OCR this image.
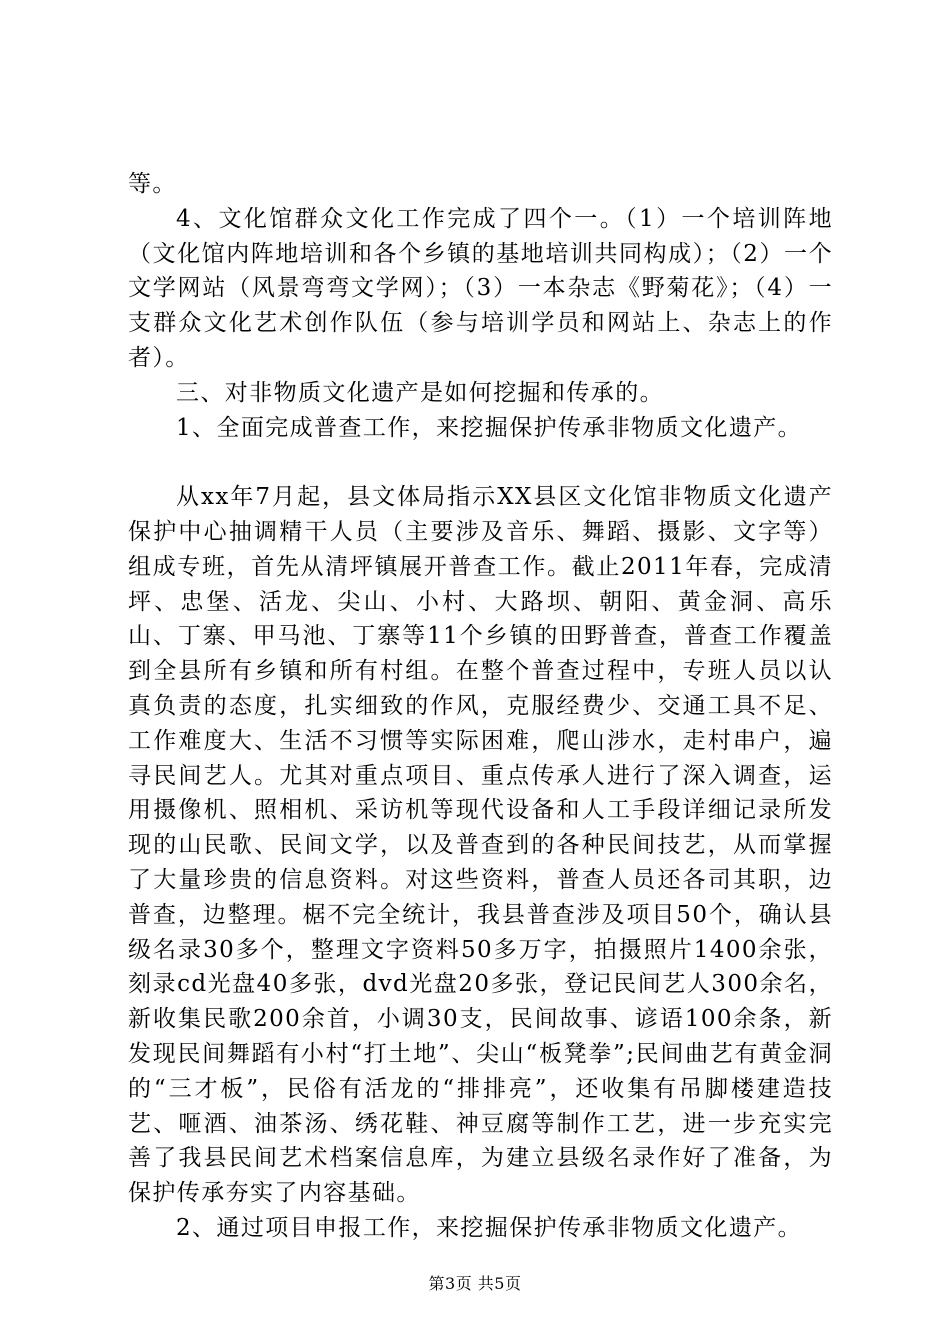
等。

4、文化馆群众文化工作完成了四个一。（1）一个培训阵地（文化馆内阵地培训和各个乡镇的基地培训共同构成）；（2）一个文学网站（风景弯弯文学网）；（3）一本杂志《野菊花》；（4）一支群众文化艺术创作队伍（参与培训学员和网站上、杂志上的作者）。

三、对非物质文化遗产是如何挖掘和传承的。

1、全面完成普查工作，来挖掘保护传承非物质文化遗产。

从xx年7月起，县文体局指示XX县区文化馆非物质文化遗产保护中心抽调精干人员（主要涉及音乐、舞蹈、摄影、文字等）组成专班，首先从清坪镇展开普查工作。截止2011年春，完成清坪、忠堡、活龙、尖山、小村、大路坝、朝阳、黄金洞、高乐山、丁寨、甲马池、丁寨等11个乡镇的田野普查，普查工作覆盖到全县所有乡镇和所有村组。在整个普查过程中，专班人员以认真负责的态度，扎实细致的作风，克服经费少、交通工具不足、工作难度大、生活不习惯等实际困难，爬山涉水，走村串户，遍寻民间艺人。尤其对重点项目、重点传承人进行了深入调查，运用摄像机、照相机、采访机等现代设备和人工手段详细记录所发现的山民歌、民间文学，以及普查到的各种民间技艺，从而掌握了大量珍贵的信息资料。对这些资料，普查人员还各司其职，边普查，边整理。椐不完全统计，我县普查涉及项目50个，确认县级名录30多个，整理文字资料50多万字，拍摄照片1400余张，刻录cd光盘40多张，dvd光盘20多张，登记民间艺人300余名，新收集民歌200余首，小调30支，民间故事、谚语100余条，新发现民间舞蹈有小村“打土地”、尖山“板凳拳”;民间曲艺有黄金洞的“三才板”，民俗有活龙的“排排亮”，还收集有吊脚楼建造技艺、咂酒、油茶汤、绣花鞋、神豆腐等制作工艺，进一步充实完善了我县民间艺术档案信息库，为建立县级名录作好了准备，为保护传承夯实了内容基础。

2、通过项目申报工作，来挖掘保护传承非物质文化遗产。

第3页 共5页
